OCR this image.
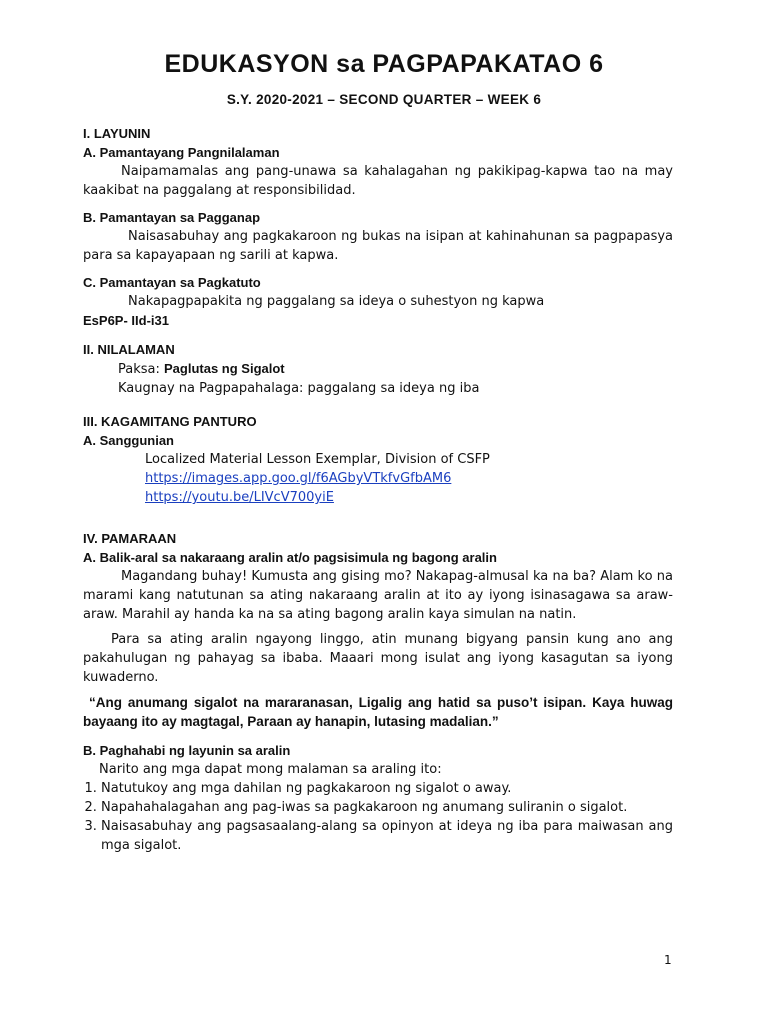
EDUKASYON sa PAGPAPAKATAO 6
S.Y. 2020-2021 – SECOND QUARTER – WEEK 6

I. LAYUNIN

A. Pamantayang Pangnilalaman

Naipamamalas ang pang-unawa sa kahalagahan ng pakikipag-kapwa tao na may kaakibat na paggalang at responsibilidad.

B. Pamantayan sa Pagganap

Naisasabuhay ang pagkakaroon ng bukas na isipan at kahinahunan sa pagpapasya para sa kapayapaan ng sarili at kapwa.

C. Pamantayan sa Pagkatuto

Nakapagpapakita ng paggalang sa ideya o suhestyon ng kapwa

EsP6P- IId-i31

II. NILALAMAN

Paksa: Paglutas ng Sigalot

Kaugnay na Pagpapahalaga: paggalang sa ideya ng iba

III. KAGAMITANG PANTURO

A. Sanggunian

Localized Material Lesson Exemplar, Division of CSFP

https://images.app.goo.gl/f6AGbyVTkfvGfbAM6

https://youtu.be/LIVcV700yiE

IV. PAMARAAN

A. Balik-aral sa nakaraang aralin at/o pagsisimula ng bagong aralin

Magandang buhay! Kumusta ang gising mo? Nakapag-almusal ka na ba? Alam ko na marami kang natutunan sa ating nakaraang aralin at ito ay iyong isinasagawa sa araw-araw. Marahil ay handa ka na sa ating bagong aralin kaya simulan na natin.

Para sa ating aralin ngayong linggo, atin munang bigyang pansin kung ano ang pakahulugan ng pahayag sa ibaba. Maaari mong isulat ang iyong kasagutan sa iyong kuwaderno.

“Ang anumang sigalot na mararanasan, Ligalig ang hatid sa puso’t isipan. Kaya huwag bayaang ito ay magtagal, Paraan ay hanapin, lutasing madalian.”

B. Paghahabi ng layunin sa aralin

Narito ang mga dapat mong malaman sa araling ito:

1. Natutukoy ang mga dahilan ng pagkakaroon ng sigalot o away.
2. Napahahalagahan ang pag-iwas sa pagkakaroon ng anumang suliranin o sigalot.
3. Naisasabuhay ang pagsasaalang-alang sa opinyon at ideya ng iba para maiwasan ang mga sigalot.
1
